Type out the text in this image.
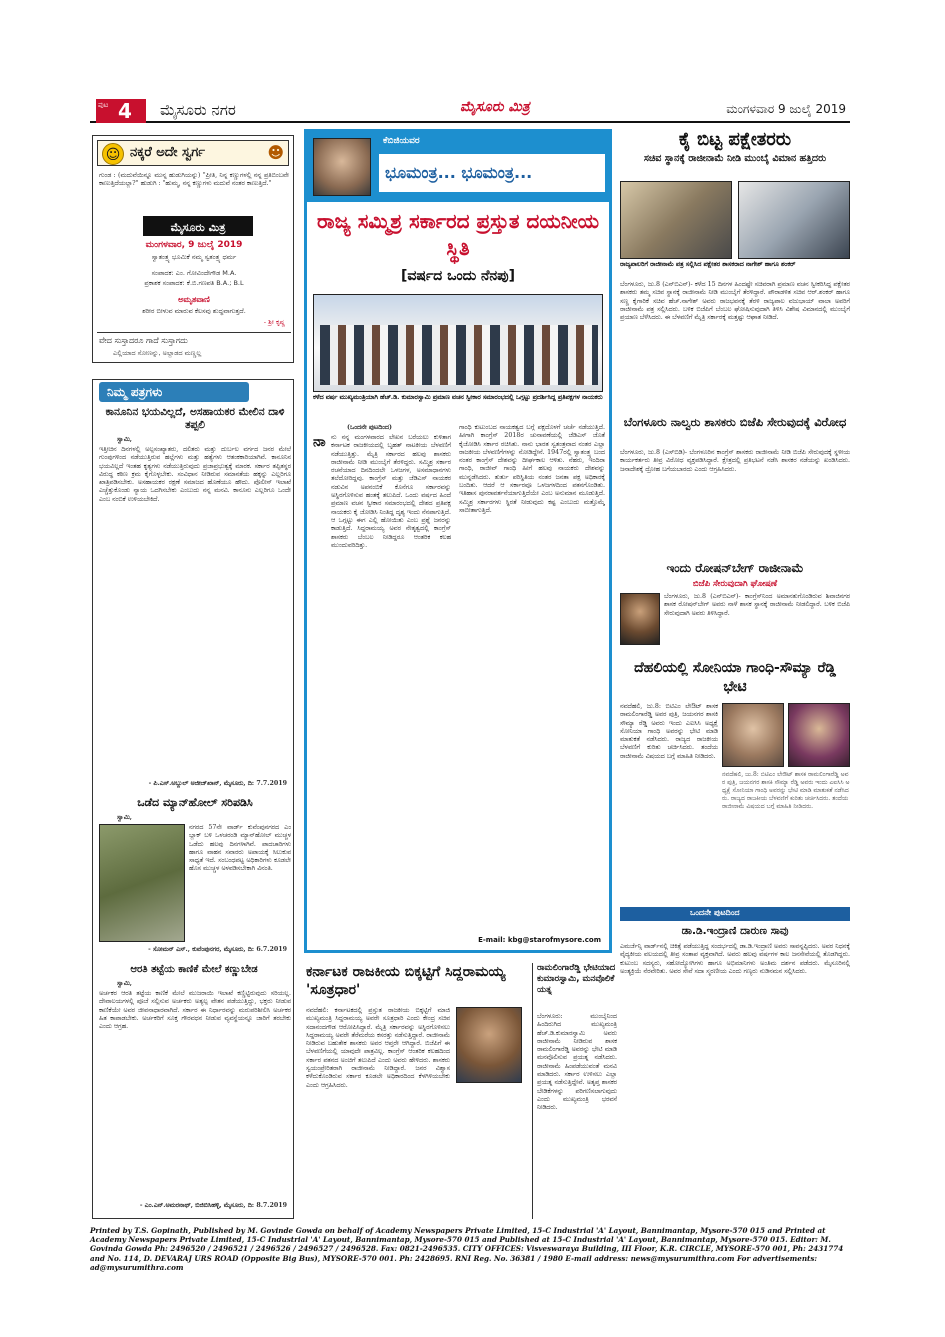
ಪುಟ 4 ಮೈಸೂರು ನಗರ	ಮೈಸೂರು ಮಿತ್ರ	ಮಂಗಳವಾರ 9 ಜುಲೈ 2019
☺ ನಕ್ಕರೆ ಅದೇ ಸ್ವರ್ಗ	☻
ಗುಂಡ : (ಮದುವೆಯಿನ್ನೂ ಮುನ್ನ ಹುಡುಗಿಯನ್ನು) "ಪ್ರೀತಿ, ನಿನ್ನ ಕಣ್ಣುಗಳಲ್ಲಿ ನನ್ನ ಪ್ರತಿಬಿಂಬವೇ ಕಾಣುತ್ತಿದೆಯಲ್ಲಾ?" ಹುಡುಗಿ : "ಹುಮ್ಮ, ನನ್ನ ಕಣ್ಣುಗಳು ಮದುವೆ ನಂತರ ಕಾಣುತ್ತಿದೆ."
ಮೈಸೂರು ಮಿತ್ರ
ಮಂಗಳವಾರ, 9 ಜುಲೈ 2019
ಸ್ವಾತಂತ್ರ್ಯ ಭೂಮಿಕೆ ನಮ್ಮ ಸ್ವತಂತ್ರ್ಯ ಧರ್ಮ
ಸಂಪಾದಕ: ಎಂ. ಗೋವಿಂದೇಗೌಡ M.A.
ಪ್ರಕಾಶಕ ಸಂಪಾದಕ: ಕೆ.ಬಿ.ಗಣಪತಿ B.A.; B.L
ಅಮೃತವಾಣಿ
ಶರೀರ ಬೀಳುವ ಮಾರುವ ಕೆಲಸವು ಶುದ್ಧವಾಗುತ್ತದೆ.
- ಶ್ರೀ ಕೃಷ್ಣ
ವೇದ ಸುಸ್ತಾದರೂ ಗಾದೆ ಸುಸ್ತಾಗದು
ಎಲ್ಲಿಯಾದ ಸೋಣನ್ನು, ಅಲ್ಲಾಡದ ಮಣ್ಣಲ್ಲ
ನಿಮ್ಮ ಪತ್ರಗಳು
ಕಾನೂನಿನ ಭಯವಿಲ್ಲದೆ, ಅಸಹಾಯಕರ ಮೇಲಿನ ದಾಳಿ ತಪ್ಪಲಿ
ಸ್ವಾಮಿ,
ಇತ್ತೀಚಿನ ದಿನಗಳಲ್ಲಿ ಅಲ್ಪಸಂಖ್ಯಾತರು, ದಲಿತರು ಮತ್ತು ದುರ್ಬಲ ವರ್ಗದ ಜನರ ಮೇಲೆ ಗುಂಪುಗಳಿಂದ ನಡೆಯುತ್ತಿರುವ ಹಲ್ಲೆಗಳು ಮತ್ತು ಹತ್ಯೆಗಳು ಆತಂಕಕಾರಿಯಾಗಿವೆ. ಕಾನೂನಿನ ಭಯವಿಲ್ಲದೆ ಇಂತಹ ಕೃತ್ಯಗಳು ನಡೆಯುತ್ತಿರುವುದು ಪ್ರಜಾಪ್ರಭುತ್ವಕ್ಕೆ ಮಾರಕ. ಸರ್ಕಾರ ತಪ್ಪಿತಸ್ಥರ ವಿರುದ್ಧ ಕಠಿಣ ಕ್ರಮ ಕೈಗೊಳ್ಳಬೇಕು. ಸಂವಿಧಾನ ನೀಡಿರುವ ಸಮಾನತೆಯ ಹಕ್ಕನ್ನು ಎಲ್ಲರಿಗೂ ಖಾತ್ರಿಪಡಿಸಬೇಕು. ಅಸಹಾಯಕರ ರಕ್ಷಣೆ ಸಮಾಜದ ಹೊಣೆಯೂ ಹೌದು. ಪೊಲೀಸ್ ಇಲಾಖೆ ಎಚ್ಚೆತ್ತುಕೊಂಡು ನ್ಯಾಯ ಒದಗಿಸಬೇಕು ಎಂಬುದು ನನ್ನ ಮನವಿ. ಕಾನೂನು ಎಲ್ಲರಿಗೂ ಒಂದೇ ಎಂಬ ನಂಬಿಕೆ ಉಳಿಯಬೇಕಿದೆ.
- ಪಿ.ಎಸ್.ಅಬ್ದುಲ್ ಅಜೀಜ್‌ಖಾನ್, ಮೈಸೂರು, ದಿ: 7.7.2019
ಒಡೆದ ಮ್ಯಾನ್‌ಹೋಲ್ ಸರಿಪಡಿಸಿ
ಸ್ವಾಮಿ,
ನಗರದ 57ನೇ ವಾರ್ಡ್ ಕುವೆಂಪುನಗರದ ಎಂ ಬ್ಲಾಕ್ ಬಳಿ ಒಳಚರಂಡಿ ಮ್ಯಾನ್‌ಹೋಲ್ ಮುಚ್ಚಳ ಒಡೆದು ಹಲವು ದಿನಗಳಾಗಿವೆ. ಪಾದಚಾರಿಗಳು ಹಾಗೂ ವಾಹನ ಸವಾರರು ಅಪಾಯಕ್ಕೆ ಸಿಲುಕುವ ಸಾಧ್ಯತೆ ಇದೆ. ಸಂಬಂಧಪಟ್ಟ ಅಧಿಕಾರಿಗಳು ಕೂಡಲೇ ಹೊಸ ಮುಚ್ಚಳ ಅಳವಡಿಸಬೇಕಾಗಿ ವಿನಂತಿ.
- ಸೋಮನ್ ಎಸ್., ಕುವೆಂಪುನಗರ, ಮೈಸೂರು, ದಿ: 6.7.2019
ಆರತಿ ತಟ್ಟೆಯ ಕಾಣಿಕೆ ಮೇಲೆ ಕಣ್ಣುಬೇಡ
ಸ್ವಾಮಿ,
ಅರ್ಚಕರ ಆರತಿ ತಟ್ಟೆಯ ಕಾಣಿಕೆ ಮೇಲೆ ಮುಜರಾಯಿ ಇಲಾಖೆ ಕಣ್ಣಿಟ್ಟಿರುವುದು ಸರಿಯಲ್ಲ. ದೇವಾಲಯಗಳಲ್ಲಿ ಪೂಜೆ ಸಲ್ಲಿಸುವ ಅರ್ಚಕರು ಅತ್ಯಲ್ಪ ವೇತನ ಪಡೆಯುತ್ತಿದ್ದು, ಭಕ್ತರು ನೀಡುವ ಕಾಣಿಕೆಯೇ ಅವರ ಜೀವನಾಧಾರವಾಗಿದೆ. ಸರ್ಕಾರ ಈ ನಿರ್ಧಾರವನ್ನು ಮರುಪರಿಶೀಲಿಸಿ ಅರ್ಚಕರ ಹಿತ ಕಾಪಾಡಬೇಕು. ಅರ್ಚಕರಿಗೆ ಸೂಕ್ತ ಗೌರವಧನ ನೀಡುವ ವ್ಯವಸ್ಥೆಯನ್ನೂ ಜಾರಿಗೆ ತರಬೇಕು ಎಂದು ಆಗ್ರಹ.
- ಎಂ.ಎನ್.ಅಮರನಾಥ್, ಬಿಜಿಬಿಸಿಹಳ್ಳಿ, ಮೈಸೂರು, ದಿ: 8.7.2019
ಕೆಬಿಜಿಯವರ
ಭೂಮಂತ್ರ... ಭೂಮಂತ್ರ...
ರಾಜ್ಯ ಸಮ್ಮಿಶ್ರ ಸರ್ಕಾರದ ಪ್ರಸ್ತುತ ದಯನೀಯ ಸ್ಥಿತಿ
[ವರ್ಷದ ಒಂದು ನೆನಪು]
ಕಳೆದ ವರ್ಷ ಮುಖ್ಯಮಂತ್ರಿಯಾಗಿ ಹೆಚ್.ಡಿ. ಕುಮಾರಸ್ವಾಮಿ ಪ್ರಮಾಣ ವಚನ ಸ್ವೀಕಾರ ಸಮಾರಂಭದಲ್ಲಿ ಒಗ್ಗಟ್ಟು ಪ್ರದರ್ಶಿಸಿದ್ದ ಪ್ರತಿಪಕ್ಷಗಳ ನಾಯಕರು
(ಒಂದನೇ ಪುಟದಿಂದ)
ನಾ ನು ನನ್ನ ಮಂಗಳವಾರದ ಲೇಖನ ಬರೆಯಲು ಕುಳಿತಾಗ ಕರ್ನಾಟಕ ರಾಜಕೀಯದಲ್ಲಿ ಬೃಹತ್ ನಾಟಕೀಯ ಬೆಳವಣಿಗೆ ನಡೆಯುತ್ತಿತ್ತು. ಮೈತ್ರಿ ಸರ್ಕಾರದ ಹಲವು ಶಾಸಕರು ರಾಜೀನಾಮೆ ನೀಡಿ ಮುಂಬೈಗೆ ತೆರಳಿದ್ದರು. ಸಮ್ಮಿಶ್ರ ಸರ್ಕಾರ ರಚನೆಯಾದ ದಿನದಿಂದಲೇ ಒಳಜಗಳ, ಅಸಮಾಧಾನಗಳು ತಲೆದೋರಿದ್ದವು. ಕಾಂಗ್ರೆಸ್ ಮತ್ತು ಜೆಡಿಎಸ್ ನಾಯಕರ ನಡುವಿನ ಅಪನಂಬಿಕೆ ಕೊನೆಗೂ ಸರ್ಕಾರವನ್ನು ಅಸ್ಥಿರಗೊಳಿಸುವ ಹಂತಕ್ಕೆ ತಲುಪಿದೆ. ಒಂದು ವರ್ಷದ ಹಿಂದೆ ಪ್ರಮಾಣ ವಚನ ಸ್ವೀಕಾರ ಸಮಾರಂಭದಲ್ಲಿ ದೇಶದ ಪ್ರತಿಪಕ್ಷ ನಾಯಕರು ಕೈ ಜೋಡಿಸಿ ನಿಂತಿದ್ದ ದೃಶ್ಯ ಇಂದು ನೆನಪಾಗುತ್ತಿದೆ. ಆ ಒಗ್ಗಟ್ಟು ಈಗ ಎಲ್ಲಿ ಹೋಯಿತು ಎಂಬ ಪ್ರಶ್ನೆ ಜನರನ್ನು ಕಾಡುತ್ತಿದೆ. ಸಿದ್ದರಾಮಯ್ಯ ಅವರ ನೇತೃತ್ವದಲ್ಲಿ ಕಾಂಗ್ರೆಸ್ ಶಾಸಕರು ಬೆಂಬಲ ನೀಡಿದ್ದರೂ ಆಂತರಿಕ ಕಲಹ ಮುಂದುವರಿದಿತ್ತು.
ಗಾಂಧಿ ಕುಟುಂಬದ ನಾಯಕತ್ವದ ಬಗ್ಗೆ ಪಕ್ಷದೊಳಗೆ ಚರ್ಚೆ ನಡೆಯುತ್ತಿದೆ. ಹೀಗಾಗಿ ಕಾಂಗ್ರೆಸ್ 2018ರ ಚುನಾವಣೆಯಲ್ಲಿ ಜೆಡಿಎಸ್ ಜೊತೆ ಕೈಜೋಡಿಸಿ ಸರ್ಕಾರ ರಚಿಸಿತು. ನಾನು ಭಾರತ ಸ್ವತಂತ್ರವಾದ ನಂತರ ಎಲ್ಲಾ ರಾಜಕೀಯ ಬೆಳವಣಿಗೆಗಳನ್ನು ನೋಡಿದ್ದೇನೆ. 1947ರಲ್ಲಿ ಸ್ವಾತಂತ್ರ್ಯ ಬಂದ ನಂತರ ಕಾಂಗ್ರೆಸ್ ದೇಶವನ್ನು ದೀರ್ಘಕಾಲ ಆಳಿತು. ನೆಹರು, ಇಂದಿರಾ ಗಾಂಧಿ, ರಾಜೀವ್ ಗಾಂಧಿ ಹೀಗೆ ಹಲವು ನಾಯಕರು ದೇಶವನ್ನು ಮುನ್ನಡೆಸಿದರು. ತುರ್ತು ಪರಿಸ್ಥಿತಿಯ ನಂತರ ಜನತಾ ಪಕ್ಷ ಅಧಿಕಾರಕ್ಕೆ ಬಂದಿತು. ಆದರೆ ಆ ಸರ್ಕಾರವೂ ಒಳಜಗಳದಿಂದ ಪತನಗೊಂಡಿತು. ಇತಿಹಾಸ ಪುನರಾವರ್ತನೆಯಾಗುತ್ತಿದೆಯೇ ಎಂಬ ಅನುಮಾನ ಮೂಡುತ್ತಿದೆ. ಸಮ್ಮಿಶ್ರ ಸರ್ಕಾರಗಳು ಸ್ಥಿರತೆ ನೀಡುವುದು ಕಷ್ಟ ಎಂಬುದು ಮತ್ತೊಮ್ಮೆ ಸಾಬೀತಾಗುತ್ತಿದೆ.
E-mail: kbg@starofmysore.com
ಕರ್ನಾಟಕ ರಾಜಕೀಯ ಬಿಕ್ಕಟ್ಟಿಗೆ ಸಿದ್ದರಾಮಯ್ಯ 'ಸೂತ್ರಧಾರ'
ನವದೆಹಲಿ: ಕರ್ನಾಟಕದಲ್ಲಿ ಪ್ರಸ್ತುತ ರಾಜಕೀಯ ಬಿಕ್ಕಟ್ಟಿಗೆ ಮಾಜಿ ಮುಖ್ಯಮಂತ್ರಿ ಸಿದ್ದರಾಮಯ್ಯ ಅವರೇ ಸೂತ್ರಧಾರಿ ಎಂದು ಕೇಂದ್ರ ಸಚಿವ ಸದಾನಂದಗೌಡ ಆರೋಪಿಸಿದ್ದಾರೆ. ಮೈತ್ರಿ ಸರ್ಕಾರವನ್ನು ಅಸ್ಥಿರಗೊಳಿಸಲು ಸಿದ್ದರಾಮಯ್ಯ ಅವರೇ ತೆರೆಮರೆಯ ಕಸರತ್ತು ನಡೆಸುತ್ತಿದ್ದಾರೆ. ರಾಜೀನಾಮೆ ನೀಡಿರುವ ಬಹುತೇಕ ಶಾಸಕರು ಅವರ ಆಪ್ತರೇ ಆಗಿದ್ದಾರೆ. ಬಿಜೆಪಿಗೆ ಈ ಬೆಳವಣಿಗೆಯಲ್ಲಿ ಯಾವುದೇ ಪಾತ್ರವಿಲ್ಲ. ಕಾಂಗ್ರೆಸ್ ಆಂತರಿಕ ಕಲಹದಿಂದ ಸರ್ಕಾರ ಪತನದ ಅಂಚಿಗೆ ತಲುಪಿದೆ ಎಂದು ಅವರು ಹೇಳಿದರು. ಶಾಸಕರು ಸ್ವಯಂಪ್ರೇರಿತರಾಗಿ ರಾಜೀನಾಮೆ ನೀಡಿದ್ದಾರೆ. ಜನರ ವಿಶ್ವಾಸ ಕಳೆದುಕೊಂಡಿರುವ ಸರ್ಕಾರ ಕೂಡಲೇ ಅಧಿಕಾರದಿಂದ ಕೆಳಗಿಳಿಯಬೇಕು ಎಂದು ಆಗ್ರಹಿಸಿದರು.
ರಾಮಲಿಂಗಾರೆಡ್ಡಿ ಭೇಟಿಯಾದ ಕುಮಾರಸ್ವಾಮಿ, ಮನವೊಲಿಕೆ ಯತ್ನ
ಬೆಂಗಳೂರು: ಮುಂಬೈನಿಂದ ಹಿಂದಿರುಗಿದ ಮುಖ್ಯಮಂತ್ರಿ ಹೆಚ್.ಡಿ.ಕುಮಾರಸ್ವಾಮಿ ಅವರು ರಾಜೀನಾಮೆ ನೀಡಿರುವ ಶಾಸಕ ರಾಮಲಿಂಗಾರೆಡ್ಡಿ ಅವರನ್ನು ಭೇಟಿ ಮಾಡಿ ಮನವೊಲಿಸುವ ಪ್ರಯತ್ನ ನಡೆಸಿದರು. ರಾಜೀನಾಮೆ ಹಿಂಪಡೆಯುವಂತೆ ಮನವಿ ಮಾಡಿದರು. ಸರ್ಕಾರ ಉಳಿಸಲು ಎಲ್ಲಾ ಪ್ರಯತ್ನ ನಡೆಸುತ್ತಿದ್ದೇವೆ. ಅತೃಪ್ತ ಶಾಸಕರ ಬೇಡಿಕೆಗಳನ್ನು ಪರಿಗಣಿಸಲಾಗುವುದು ಎಂದು ಮುಖ್ಯಮಂತ್ರಿ ಭರವಸೆ ನೀಡಿದರು.
ಕೈ ಬಿಟ್ಟ ಪಕ್ಷೇತರರು
ಸಚಿವ ಸ್ಥಾನಕ್ಕೆ ರಾಜೀನಾಮೆ ನೀಡಿ ಮುಂಬೈ ವಿಮಾನ ಹತ್ತಿದರು
ರಾಜ್ಯಪಾಲರಿಗೆ ರಾಜೀನಾಮೆ ಪತ್ರ ಸಲ್ಲಿಸಿದ ಪಕ್ಷೇತರ ಶಾಸಕರಾದ ನಾಗೇಶ್ ಹಾಗೂ ಶಂಕರ್
ಬೆಂಗಳೂರು, ಜು.8 (ಎನ್‌ಬಿಎನ್)- ಕಳೆದ 15 ದಿನಗಳ ಹಿಂದಷ್ಟೇ ಸಚಿವರಾಗಿ ಪ್ರಮಾಣ ವಚನ ಸ್ವೀಕರಿಸಿದ್ದ ಪಕ್ಷೇತರ ಶಾಸಕರು ತಮ್ಮ ಸಚಿವ ಸ್ಥಾನಕ್ಕೆ ರಾಜೀನಾಮೆ ನೀಡಿ ಮುಂಬೈಗೆ ತೆರಳಿದ್ದಾರೆ. ಪೌರಾಡಳಿತ ಸಚಿವ ಆರ್.ಶಂಕರ್ ಹಾಗೂ ಸಣ್ಣ ಕೈಗಾರಿಕೆ ಸಚಿವ ಹೆಚ್.ನಾಗೇಶ್ ಅವರು ರಾಜಭವನಕ್ಕೆ ತೆರಳಿ ರಾಜ್ಯಪಾಲ ವಜುಭಾಯ್ ವಾಲಾ ಅವರಿಗೆ ರಾಜೀನಾಮೆ ಪತ್ರ ಸಲ್ಲಿಸಿದರು. ಬಳಿಕ ಬಿಜೆಪಿಗೆ ಬೆಂಬಲ ಘೋಷಿಸುವುದಾಗಿ ತಿಳಿಸಿ ವಿಶೇಷ ವಿಮಾನದಲ್ಲಿ ಮುಂಬೈಗೆ ಪ್ರಯಾಣ ಬೆಳೆಸಿದರು. ಈ ಬೆಳವಣಿಗೆ ಮೈತ್ರಿ ಸರ್ಕಾರಕ್ಕೆ ಮತ್ತಷ್ಟು ಆಘಾತ ನೀಡಿದೆ.
ಬೆಂಗಳೂರು ನಾಲ್ವರು ಶಾಸಕರು ಬಿಜೆಪಿ ಸೇರುವುದಕ್ಕೆ ವಿರೋಧ
ಬೆಂಗಳೂರು, ಜು.8 (ಎಸ್‌ಬಿಡಿ)- ಬೆಂಗಳೂರಿನ ಕಾಂಗ್ರೆಸ್ ಶಾಸಕರು ರಾಜೀನಾಮೆ ನೀಡಿ ಬಿಜೆಪಿ ಸೇರುವುದಕ್ಕೆ ಸ್ಥಳೀಯ ಕಾರ್ಯಕರ್ತರು ತೀವ್ರ ವಿರೋಧ ವ್ಯಕ್ತಪಡಿಸಿದ್ದಾರೆ. ಕ್ಷೇತ್ರದಲ್ಲಿ ಪ್ರತಿಭಟನೆ ನಡೆಸಿ ಶಾಸಕರ ನಡೆಯನ್ನು ಖಂಡಿಸಿದರು. ಜನಾದೇಶಕ್ಕೆ ದ್ರೋಹ ಬಗೆಯಬಾರದು ಎಂದು ಆಗ್ರಹಿಸಿದರು.
ಇಂದು ರೋಷನ್‌ಬೇಗ್ ರಾಜೀನಾಮೆ
ಬಿಜೆಪಿ ಸೇರುವುದಾಗಿ ಘೋಷಣೆ
ಬೆಂಗಳೂರು, ಜು.8 (ಎನ್‌ಬಿಎನ್)- ಕಾಂಗ್ರೆಸ್‌ನಿಂದ ಅಮಾನತುಗೊಂಡಿರುವ ಶಿವಾಜಿನಗರ ಶಾಸಕ ರೋಷನ್‌ಬೇಗ್ ಅವರು ನಾಳೆ ಶಾಸಕ ಸ್ಥಾನಕ್ಕೆ ರಾಜೀನಾಮೆ ನೀಡಲಿದ್ದಾರೆ. ಬಳಿಕ ಬಿಜೆಪಿ ಸೇರುವುದಾಗಿ ಅವರು ತಿಳಿಸಿದ್ದಾರೆ.
ದೆಹಲಿಯಲ್ಲಿ ಸೋನಿಯಾ ಗಾಂಧಿ-ಸೌಮ್ಯಾ ರೆಡ್ಡಿ ಭೇಟಿ
ನವದೆಹಲಿ, ಜು.8: ಬಿಟಿಎಂ ಲೇಔಟ್ ಶಾಸಕ ರಾಮಲಿಂಗಾರೆಡ್ಡಿ ಅವರ ಪುತ್ರಿ, ಜಯನಗರ ಶಾಸಕಿ ಸೌಮ್ಯಾ ರೆಡ್ಡಿ ಅವರು ಇಂದು ಎಐಸಿಸಿ ಅಧ್ಯಕ್ಷೆ ಸೋನಿಯಾ ಗಾಂಧಿ ಅವರನ್ನು ಭೇಟಿ ಮಾಡಿ ಮಾತುಕತೆ ನಡೆಸಿದರು. ರಾಜ್ಯದ ರಾಜಕೀಯ ಬೆಳವಣಿಗೆ ಕುರಿತು ಚರ್ಚಿಸಿದರು. ತಂದೆಯ ರಾಜೀನಾಮೆ ವಿಷಯದ ಬಗ್ಗೆ ಮಾಹಿತಿ ನೀಡಿದರು.
ನವದೆಹಲಿ, ಜು.8: ಬಿಟಿಎಂ ಲೇಔಟ್ ಶಾಸಕ ರಾಮಲಿಂಗಾರೆಡ್ಡಿ ಅವರ ಪುತ್ರಿ, ಜಯನಗರ ಶಾಸಕಿ ಸೌಮ್ಯಾ ರೆಡ್ಡಿ ಅವರು ಇಂದು ಎಐಸಿಸಿ ಅಧ್ಯಕ್ಷೆ ಸೋನಿಯಾ ಗಾಂಧಿ ಅವರನ್ನು ಭೇಟಿ ಮಾಡಿ ಮಾತುಕತೆ ನಡೆಸಿದರು. ರಾಜ್ಯದ ರಾಜಕೀಯ ಬೆಳವಣಿಗೆ ಕುರಿತು ಚರ್ಚಿಸಿದರು. ತಂದೆಯ ರಾಜೀನಾಮೆ ವಿಷಯದ ಬಗ್ಗೆ ಮಾಹಿತಿ ನೀಡಿದರು.
ಒಂದನೇ ಪುಟದಿಂದ
ಡಾ.ಡಿ.ಇಂದ್ರಾಣಿ ದಾರುಣ ಸಾವು
ಎಮರ್ಜೆನ್ಸಿ ವಾರ್ಡ್‌ನಲ್ಲಿ ಚಿಕಿತ್ಸೆ ಪಡೆಯುತ್ತಿದ್ದ ಸಂದರ್ಭದಲ್ಲಿ ಡಾ.ಡಿ.ಇಂದ್ರಾಣಿ ಅವರು ಸಾವನ್ನಪ್ಪಿದರು. ಅವರ ನಿಧನಕ್ಕೆ ವೈದ್ಯಕೀಯ ವಲಯದಲ್ಲಿ ತೀವ್ರ ಸಂತಾಪ ವ್ಯಕ್ತವಾಗಿದೆ. ಅವರು ಹಲವು ವರ್ಷಗಳ ಕಾಲ ಜನಸೇವೆಯಲ್ಲಿ ತೊಡಗಿದ್ದರು. ಕುಟುಂಬ ಸದಸ್ಯರು, ಸಹೋದ್ಯೋಗಿಗಳು ಹಾಗೂ ಅಭಿಮಾನಿಗಳು ಅಂತಿಮ ದರ್ಶನ ಪಡೆದರು. ಮೈಸೂರಿನಲ್ಲಿ ಅಂತ್ಯಕ್ರಿಯೆ ನೆರವೇರಿತು. ಅವರ ಸೇವೆ ಸದಾ ಸ್ಮರಣೀಯ ಎಂದು ಗಣ್ಯರು ನುಡಿನಮನ ಸಲ್ಲಿಸಿದರು.
Printed by T.S. Gopinath, Published by M. Govinde Gowda on behalf of Academy Newspapers Private Limited, 15-C Industrial 'A' Layout, Bannimantap, Mysore-570 015 and Printed at Academy Newspapers Private Limited, 15-C Industrial 'A' Layout, Bannimantap, Mysore-570 015 and Published at 15-C Industrial 'A' Layout, Bannimantap, Mysore-570 015. Editor: M. Govinda Gowda Ph: 2496520 / 2496521 / 2496526 / 2496527 / 2496528. Fax: 0821-2496535. CITY OFFICES: Visveswaraya Building, III Floor, K.R. CIRCLE, MYSORE-570 001, Ph: 2431774 and No. 114, D. DEVARAJ URS ROAD (Opposite Big Bus), MYSORE-570 001. Ph: 2428695. RNI Reg. No. 36381 / 1980 E-mail address: news@mysurumithra.com For advertisements: ad@mysurumithra.com
